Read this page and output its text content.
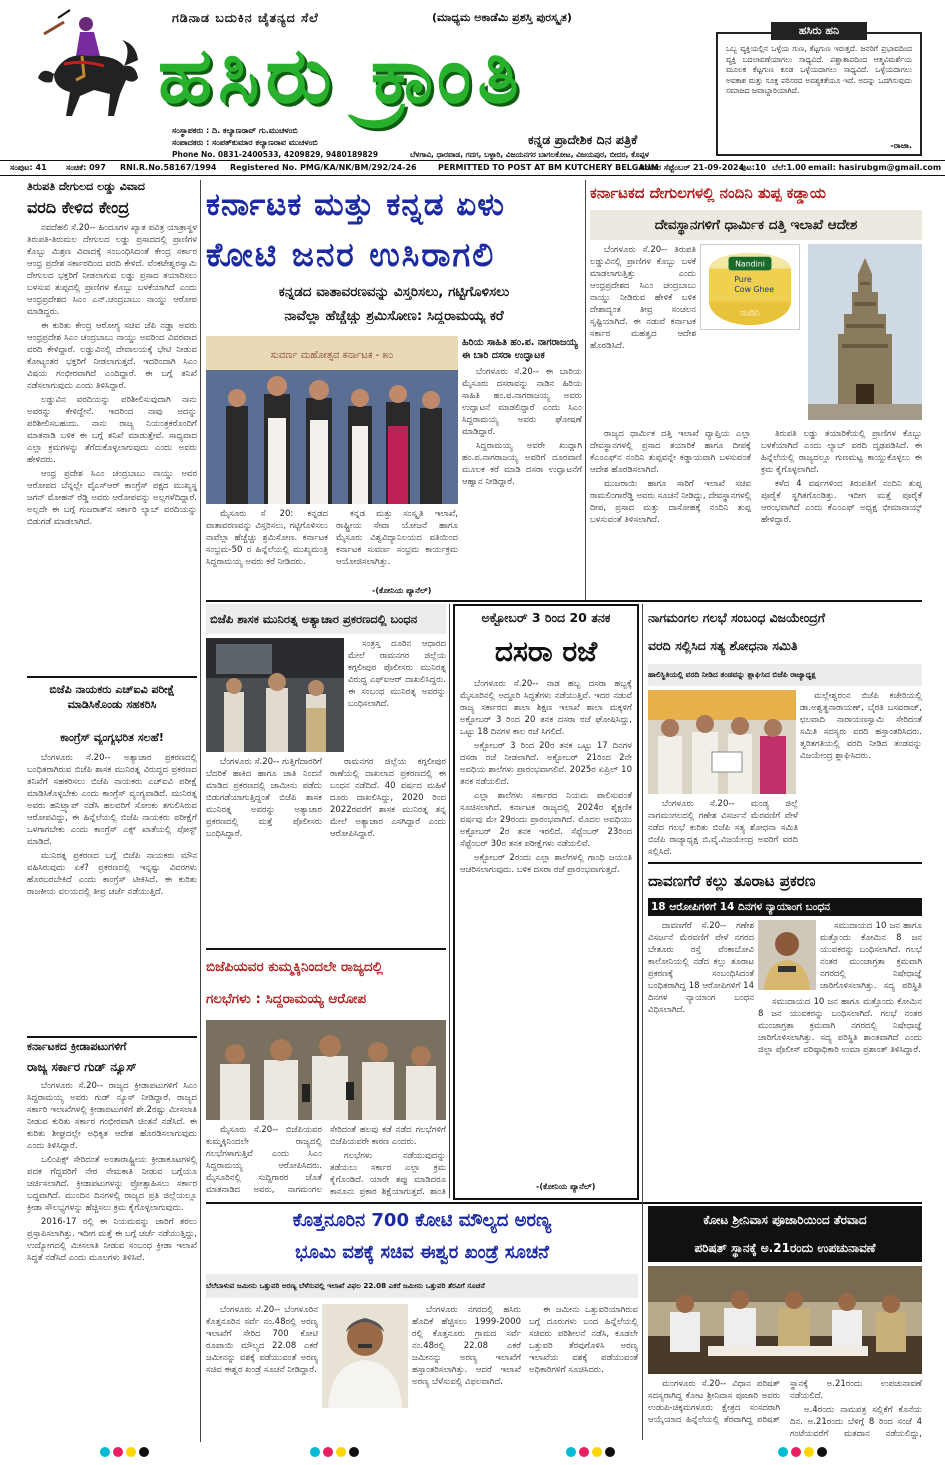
ಗಡಿನಾಡ ಬದುಕಿನ ಚೈತನ್ಯದ ಸೆಲೆ	(ಮಾಧ್ಯಮ ಅಕಾಡೆಮಿ ಪ್ರಶಸ್ತಿ ಪುರಸ್ಕೃತ)
ಹಸಿರು ಕ್ರಾಂತಿ
ಕನ್ನಡ ಪ್ರಾದೇಶಿಕ ದಿನ ಪತ್ರಿಕೆ
ಸಂಸ್ಥಾಪಕರು : ದಿ. ಕಲ್ಯಾಣರಾವ್ ಗು.ಮುಚಳಂಬಿ
ಸಂಪಾದಕರು : ಸಂಪತ್‌ಕುಮಾರ ಕಲ್ಯಾಣರಾವ ಮುಚಳಂಬಿ
Phone No. 0831-2400533, 4209829, 9480189829	ಬೆಳಗಾವಿ, ಧಾರವಾಡ, ಗದಗ, ಬಳ್ಳಾರಿ, ವಿಜಯನಗರ ಬಾಗಲಕೋಟ, ವಿಜಯಪುರ, ಬೀದರ, ಕೊಪ್ಪಳ
ಹಸಿರು ಹನಿ
ಒಬ್ಬ ವ್ಯಕ್ತಿಯಲ್ಲಿನ ಒಳ್ಳೆಯ ಗುಣ, ಕೆಟ್ಟಗುಣ ಇರುತ್ತದೆ. ಜನರಿಗೆ ಪ್ರಭಾವದಿಂದ ವ್ಯಕ್ತಿ ಬದಲಾವಣೆಯಾಗಲು ಸಾಧ್ಯವಿದೆ. ಪಶ್ಚಾತಾಪದಿಂದ ಆತ್ಮವಿಮರ್ಶೆಯ ಮೂಲಕ ಕೆಟ್ಟಗುಣ ಕೂಡ ಒಳ್ಳೆಯದಾಗಲು ಸಾಧ್ಯವಿದೆ. ಒಳ್ಳೆಯದಾಗಲು ಅವಕಾಶ ಮತ್ತು ಸೂಕ್ತ ಪರಿಸರದ ಅವಶ್ಯಕತೆಯೂ ಇದೆ. ಅದನ್ನು ಒದಗಿಸುವುದು ಸಮಾಜದ ಜವಾಬ್ದಾರಿಯಾಗಿದೆ.
-ರಾಜಾ.
ಸಂಪುಟ: 41 ಸಂಚಿಕೆ: 097 RNI.R.No.58167/1994 Registered No. PMG/KA/NK/BM/292/24-26	PERMITTED TO POST AT BM KUTCHERY BELGAUM
ಶನಿವಾರ ಸೆಪ್ಟೆಂಬರ್ 21-09-2024
ಪುಟ:10 ಬೆಲೆ:1.00 email: hasirubgm@gmail.com
ತಿರುಪತಿ ದೇಗುಲದ ಲಡ್ಡು ವಿವಾದ
ವರದಿ ಕೇಳಿದ ಕೇಂದ್ರ

ನವದೆಹಲಿ ಸೆ.20-- ಹಿಂದೂಗಳ ಖ್ಯಾತ ಪವಿತ್ರ ಯಾತ್ರಾಸ್ಥಳ ತಿರುಪತಿ-ತಿರುಮಲ ದೇಗುಲದ ಲಡ್ಡು ಪ್ರಸಾದದಲ್ಲಿ ಪ್ರಾಣಿಗಳ ಕೊಬ್ಬು ಮಿಶ್ರಣ ವಿವಾದಕ್ಕೆ ಸಂಬಂಧಿಸಿದಂತೆ ಕೇಂದ್ರ ಸರ್ಕಾರ ಆಂಧ್ರ ಪ್ರದೇಶ ಸರ್ಕಾರದಿಂದ ವರದಿ ಕೇಳಿದೆ. ವೆಂಕಟೇಶ್ವರಸ್ವಾಮಿ ದೇಗುಲದ ಭಕ್ತರಿಗೆ ನೀಡಲಾಗುವ ಲಡ್ಡು ಪ್ರಸಾದ ತಯಾರಿಸಲು ಬಳಸುವ ತುಪ್ಪದಲ್ಲಿ ಪ್ರಾಣಿಗಳ ಕೊಬ್ಬು ಬಳಕೆಯಾಗಿದೆ ಎಂದು ಆಂಧ್ರಪ್ರದೇಶದ ಸಿಎಂ ಎನ್.ಚಂದ್ರಬಾಬು ನಾಯ್ಡು ಆರೋಪ ಮಾಡಿದ್ದರು.

ಈ ಕುರಿತು ಕೇಂದ್ರ ಆರೋಗ್ಯ ಸಚಿವ ಜೆಪಿ ನಡ್ಡಾ ಅವರು ಆಂಧ್ರಪ್ರದೇಶ ಸಿಎಂ ಚಂದ್ರಬಾಬು ನಾಯ್ಡು ಅವರಿಂದ ವಿವರವಾದ ವರದಿ ಕೇಳಿದ್ದಾರೆ. ಲಡ್ಡುವಿನಲ್ಲಿ ದೇವಾಲಯಕ್ಕೆ ಭೇಟಿ ನೀಡುವ ಕೋಟ್ಯಂತರ ಭಕ್ತರಿಗೆ ನೀಡಲಾಗುತ್ತದೆ. ಇದರಿಂದಾಗಿ ಸಿಎಂ ವಿಷಯ ಗಂಭೀರವಾಗಿದೆ ಎಂದಿದ್ದಾರೆ. ಈ ಬಗ್ಗೆ ತನಿಖೆ ನಡೆಸಲಾಗುವುದು ಎಂದು ತಿಳಿಸಿದ್ದಾರೆ.

ಲಡ್ಡುವಿನ ವರದಿಯನ್ನು ಪರಿಶೀಲಿಸುವುದಾಗಿ ನಾನು ಅವರನ್ನು ಕೇಳಿದ್ದೇನೆ. ಇದರಿಂದ ನಾವು ಅದನ್ನು ಪರಿಶೀಲಿಸಬಹುದು. ನಾನು ರಾಜ್ಯ ನಿಯಂತ್ರಕರೊಂದಿಗೆ ಮಾತನಾಡಿ ಬಳಿಕ ಈ ಬಗ್ಗೆ ತನಿಖೆ ಮಾಡುತ್ತೇವೆ. ಸಾಧ್ಯವಾದ ಎಲ್ಲಾ ಕ್ರಮಗಳನ್ನು ತೆಗೆದುಕೊಳ್ಳಲಾಗುವುದು ಎಂದು ಅವರು ಹೇಳಿದರು.

ಆಂಧ್ರ ಪ್ರದೇಶ ಸಿಎಂ ಚಂದ್ರಬಾಬು ನಾಯ್ಡು ಅವರ ಆರೋಪದ ಬೆನ್ನಲ್ಲೇ ವೈಎಸ್‌ಆರ್ ಕಾಂಗ್ರೆಸ್ ಪಕ್ಷದ ಮುಖ್ಯಸ್ಥ ಜಗನ್ ಮೋಹನ್ ರೆಡ್ಡಿ ಅವರು ಆರೋಪವನ್ನು ಅಲ್ಲಗಳೆದಿದ್ದಾರೆ. ಅಲ್ಲದೇ ಈ ಬಗ್ಗೆ ಗುಜರಾತ್‌ನ ಸರ್ಕಾರಿ ಲ್ಯಾಬ್ ವರದಿಯನ್ನು ಬಿಡುಗಡೆ ಮಾಡಲಾಗಿದೆ.

ಬಿಜೆಪಿ ನಾಯಕರು ಎಚ್‌ಐವಿ ಪರೀಕ್ಷೆ ಮಾಡಿಸಿಕೊಂಡು ಸಹಕರಿಸಿ
ಕಾಂಗ್ರೆಸ್ ವ್ಯಂಗ್ಯಭರಿತ ಸಲಹೆ!

ಬೆಂಗಳೂರು ಸೆ.20-- ಅತ್ಯಾಚಾರ ಪ್ರಕರಣದಲ್ಲಿ ಬಂಧಿತರಾಗಿರುವ ಬಿಜೆಪಿ ಶಾಸಕ ಮುನಿರತ್ನ ವಿರುದ್ಧದ ಪ್ರಕರಣದ ತನಿಖೆಗೆ ಸಹಕರಿಸಲು ಬಿಜೆಪಿ ನಾಯಕರು ಎಚ್‌ಐವಿ ಪರೀಕ್ಷೆ ಮಾಡಿಸಿಕೊಳ್ಳಬೇಕು ಎಂದು ಕಾಂಗ್ರೆಸ್ ವ್ಯಂಗ್ಯವಾಡಿದೆ. ಮುನಿರತ್ನ ಅವರು ಹನಿಟ್ರ್ಯಾಪ್ ನಡೆಸಿ ಹಲವರಿಗೆ ಸೋಂಕು ತಗುಲಿಸಿರುವ ಆರೋಪವಿದ್ದು, ಈ ಹಿನ್ನೆಲೆಯಲ್ಲಿ ಬಿಜೆಪಿ ನಾಯಕರು ಪರೀಕ್ಷೆಗೆ ಒಳಗಾಗಬೇಕು ಎಂದು ಕಾಂಗ್ರೆಸ್ ಎಕ್ಸ್ ಖಾತೆಯಲ್ಲಿ ಪೋಸ್ಟ್ ಮಾಡಿದೆ.

ಮುನಿರತ್ನ ಪ್ರಕರಣದ ಬಗ್ಗೆ ಬಿಜೆಪಿ ನಾಯಕರು ಮೌನ ವಹಿಸಿರುವುದು ಏಕೆ? ಪ್ರಕರಣದಲ್ಲಿ ಇನ್ನಷ್ಟು ವಿವರಗಳು ಹೊರಬರಬೇಕಿದೆ ಎಂದು ಕಾಂಗ್ರೆಸ್ ಟೀಕಿಸಿದೆ. ಈ ಕುರಿತು ರಾಜಕೀಯ ವಲಯದಲ್ಲಿ ತೀವ್ರ ಚರ್ಚೆ ನಡೆಯುತ್ತಿದೆ.

ಕರ್ನಾಟಕದ ಕ್ರೀಡಾಪಟುಗಳಿಗೆ
ರಾಜ್ಯ ಸರ್ಕಾರ ಗುಡ್ ನ್ಯೂಸ್

ಬೆಂಗಳೂರು ಸೆ.20-- ರಾಜ್ಯದ ಕ್ರೀಡಾಪಟುಗಳಿಗೆ ಸಿಎಂ ಸಿದ್ದರಾಮಯ್ಯ ಅವರು ಗುಡ್ ನ್ಯೂಸ್ ನೀಡಿದ್ದಾರೆ. ರಾಜ್ಯದ ಸರ್ಕಾರಿ ಇಲಾಖೆಗಳಲ್ಲಿ ಕ್ರೀಡಾಪಟುಗಳಿಗೆ ಶೇ.2ರಷ್ಟು ಮೀಸಲಾತಿ ನೀಡುವ ಕುರಿತು ಸರ್ಕಾರ ಗಂಭೀರವಾಗಿ ಚಿಂತನೆ ನಡೆಸಿದೆ. ಈ ಕುರಿತು ಶೀಘ್ರದಲ್ಲೇ ಅಧಿಕೃತ ಆದೇಶ ಹೊರಡಿಸಲಾಗುವುದು ಎಂದು ತಿಳಿಸಿದ್ದಾರೆ.

ಒಲಿಂಪಿಕ್ಸ್ ಸೇರಿದಂತೆ ಅಂತಾರಾಷ್ಟ್ರೀಯ ಕ್ರೀಡಾಕೂಟಗಳಲ್ಲಿ ಪದಕ ಗೆದ್ದವರಿಗೆ ನೇರ ನೇಮಕಾತಿ ನೀಡುವ ಬಗ್ಗೆಯೂ ಚರ್ಚಿಸಲಾಗಿದೆ. ಕ್ರೀಡಾಪಟುಗಳನ್ನು ಪ್ರೋತ್ಸಾಹಿಸಲು ಸರ್ಕಾರ ಬದ್ಧವಾಗಿದೆ. ಮುಂದಿನ ದಿನಗಳಲ್ಲಿ ರಾಜ್ಯದ ಪ್ರತಿ ಜಿಲ್ಲೆಯಲ್ಲೂ ಕ್ರೀಡಾ ಸೌಲಭ್ಯಗಳನ್ನು ಹೆಚ್ಚಿಸಲು ಕ್ರಮ ಕೈಗೊಳ್ಳಲಾಗುವುದು.

2016-17 ರಲ್ಲಿ ಈ ನಿಯಮವನ್ನು ಜಾರಿಗೆ ತರಲು ಪ್ರಸ್ತಾಪಿಸಲಾಗಿತ್ತು. ಇದೀಗ ಮತ್ತೆ ಈ ಬಗ್ಗೆ ಚರ್ಚೆ ನಡೆಯುತ್ತಿದ್ದು, ಉದ್ಯೋಗದಲ್ಲಿ ಮೀಸಲಾತಿ ನೀಡುವ ಸಂಬಂಧ ಕ್ರೀಡಾ ಇಲಾಖೆ ಸಿದ್ಧತೆ ನಡೆಸಿದೆ ಎಂದು ಮೂಲಗಳು ತಿಳಿಸಿವೆ.

ಕರ್ನಾಟಕ ಮತ್ತು ಕನ್ನಡ ಏಳು
ಕೋಟಿ ಜನರ ಉಸಿರಾಗಲಿ
ಕನ್ನಡದ ವಾತಾವರಣವನ್ನು ವಿಸ್ತರಿಸಲು, ಗಟ್ಟಿಗೊಳಿಸಲು
ನಾವೆಲ್ಲಾ ಹೆಚ್ಚೆಚ್ಚು ಶ್ರಮಿಸೋಣ: ಸಿದ್ದರಾಮಯ್ಯ ಕರೆ
ಸುವರ್ಣ ಮಹೋತ್ಸವ ಕರ್ನಾಟಕ - ೫೦
ಹಿರಿಯ ಸಾಹಿತಿ ಹಂ.ಪ. ನಾಗರಾಜಯ್ಯ ಈ ಬಾರಿ ದಸರಾ ಉದ್ಘಾಟಕ

ಬೆಂಗಳೂರು ಸೆ.20-- ಈ ಬಾರಿಯ ಮೈಸೂರು ದಸರಾವನ್ನು ನಾಡಿನ ಹಿರಿಯ ಸಾಹಿತಿ ಹಂ.ಪ.ನಾಗರಾಜಯ್ಯ ಅವರು ಉದ್ಘಾಟನೆ ಮಾಡಲಿದ್ದಾರೆ ಎಂದು ಸಿಎಂ ಸಿದ್ದರಾಮಯ್ಯ ಅವರು ಘೋಷಣೆ ಮಾಡಿದ್ದಾರೆ.

ಸಿದ್ದರಾಮಯ್ಯ ಅವರೇ ಖುದ್ದಾಗಿ ಹಂ.ಪ.ನಾಗರಾಜಯ್ಯ ಅವರಿಗೆ ದೂರವಾಣಿ ಮೂಲಕ ಕರೆ ಮಾಡಿ ದಸರಾ ಉದ್ಘಾಟನೆಗೆ ಆಹ್ವಾನ ನೀಡಿದ್ದಾರೆ.

ಮೈಸೂರು ಸೆ 20: ಕನ್ನಡದ ವಾತಾವರಣವನ್ನು ವಿಸ್ತರಿಸಲು, ಗಟ್ಟಿಗೊಳಿಸಲು ನಾವೆಲ್ಲಾ ಹೆಚ್ಚೆಚ್ಚು ಶ್ರಮಿಸೋಣ. ಕರ್ನಾಟಕ ಸಂಭ್ರಮ-50 ರ ಹಿನ್ನೆಲೆಯಲ್ಲಿ ಮುಖ್ಯಮಂತ್ರಿ ಸಿದ್ದರಾಮಯ್ಯ ಅವರು ಕರೆ ನೀಡಿದರು.

ಕನ್ನಡ ಮತ್ತು ಸಂಸ್ಕೃತಿ ಇಲಾಖೆ, ರಾಷ್ಟ್ರೀಯ ಸೇವಾ ಯೋಜನೆ ಹಾಗೂ ಮೈಸೂರು ವಿಶ್ವವಿದ್ಯಾನಿಲಯದ ವತಿಯಿಂದ ಕರ್ನಾಟಕ ಸುವರ್ಣ ಸಂಭ್ರಮ ಕಾರ್ಯಕ್ರಮ ಆಯೋಜಿಸಲಾಗಿತ್ತು.

-(ಕೋನಿಯ ಪ್ಯಾನೆಲ್)
ಕರ್ನಾಟಕದ ದೇಗುಲಗಳಲ್ಲಿ ನಂದಿನಿ ತುಪ್ಪ ಕಡ್ಡಾಯ
ದೇವಸ್ಥಾನಗಳಿಗೆ ಧಾರ್ಮಿಕ ದತ್ತಿ ಇಲಾಖೆ ಆದೇಶ
Nandini
Pure
Cow Ghee
ನಂದಿನಿ

ಬೆಂಗಳೂರು ಸೆ.20-- ತಿರುಪತಿ ಲಡ್ಡುವಿನಲ್ಲಿ ಪ್ರಾಣಿಗಳ ಕೊಬ್ಬು ಬಳಕೆ ಮಾಡಲಾಗುತ್ತಿತ್ತು ಎಂದು ಆಂಧ್ರಪ್ರದೇಶದ ಸಿಎಂ ಚಂದ್ರಬಾಬು ನಾಯ್ಡು ನೀಡಿರುವ ಹೇಳಿಕೆ ಬಳಿಕ ದೇಶಾದ್ಯಂತ ತೀವ್ರ ಸಂಚಲನ ಸೃಷ್ಟಿಯಾಗಿದೆ. ಈ ನಡುವೆ ಕರ್ನಾಟಕ ಸರ್ಕಾರ ಮಹತ್ವದ ಆದೇಶ ಹೊರಡಿಸಿದೆ.

ರಾಜ್ಯದ ಧಾರ್ಮಿಕ ದತ್ತಿ ಇಲಾಖೆ ವ್ಯಾಪ್ತಿಯ ಎಲ್ಲಾ ದೇವಸ್ಥಾನಗಳಲ್ಲಿ ಪ್ರಸಾದ ತಯಾರಿಕೆ ಹಾಗೂ ದೀಪಕ್ಕೆ ಕೆಎಂಎಫ್‌ನ ನಂದಿನಿ ತುಪ್ಪವನ್ನೇ ಕಡ್ಡಾಯವಾಗಿ ಬಳಸುವಂತೆ ಆದೇಶ ಹೊರಡಿಸಲಾಗಿದೆ.

ಮುಜರಾಯಿ ಹಾಗೂ ಸಾರಿಗೆ ಇಲಾಖೆ ಸಚಿವ ರಾಮಲಿಂಗಾರೆಡ್ಡಿ ಅವರು ಸೂಚನೆ ನೀಡಿದ್ದು, ದೇವಸ್ಥಾನಗಳಲ್ಲಿ ದೀಪ, ಪ್ರಸಾದ ಮತ್ತು ದಾಸೋಹಕ್ಕೆ ನಂದಿನಿ ತುಪ್ಪ ಬಳಸುವಂತೆ ತಿಳಿಸಲಾಗಿದೆ.

ತಿರುಪತಿ ಲಡ್ಡು ತಯಾರಿಕೆಯಲ್ಲಿ ಪ್ರಾಣಿಗಳ ಕೊಬ್ಬು ಬಳಕೆಯಾಗಿದೆ ಎಂದು ಲ್ಯಾಬ್ ವರದಿ ದೃಢಪಡಿಸಿದೆ. ಈ ಹಿನ್ನೆಲೆಯಲ್ಲಿ ರಾಜ್ಯದಲ್ಲೂ ಗುಣಮಟ್ಟ ಕಾಯ್ದುಕೊಳ್ಳಲು ಈ ಕ್ರಮ ಕೈಗೊಳ್ಳಲಾಗಿದೆ.

ಕಳೆದ 4 ವರ್ಷಗಳಿಂದ ತಿರುಪತಿಗೆ ನಂದಿನಿ ತುಪ್ಪ ಪೂರೈಕೆ ಸ್ಥಗಿತಗೊಂಡಿತ್ತು. ಇದೀಗ ಮತ್ತೆ ಪೂರೈಕೆ ಆರಂಭವಾಗಿದೆ ಎಂದು ಕೆಎಂಎಫ್ ಅಧ್ಯಕ್ಷ ಭೀಮಾನಾಯ್ಕ್ ಹೇಳಿದ್ದಾರೆ.

ಬಿಜೆಪಿ ಶಾಸಕ ಮುನಿರತ್ನ ಅತ್ಯಾಚಾರ ಪ್ರಕರಣದಲ್ಲಿ ಬಂಧನ

ಬೆಂಗಳೂರು ಸೆ.20-- ಗುತ್ತಿಗೆದಾರರಿಗೆ ಬೆದರಿಕೆ ಹಾಕಿದ ಹಾಗೂ ಜಾತಿ ನಿಂದನೆ ಮಾಡಿದ ಪ್ರಕರಣದಲ್ಲಿ ಜಾಮೀನು ಪಡೆದು ಬಿಡುಗಡೆಯಾಗುತ್ತಿದ್ದಂತೆ ಬಿಜೆಪಿ ಶಾಸಕ ಮುನಿರತ್ನ ಅವರನ್ನು ಅತ್ಯಾಚಾರ ಪ್ರಕರಣದಲ್ಲಿ ಮತ್ತೆ ಪೊಲೀಸರು ಬಂಧಿಸಿದ್ದಾರೆ.

ರಾಮನಗರ ಜಿಲ್ಲೆಯ ಕಗ್ಗಲೀಪುರ ಠಾಣೆಯಲ್ಲಿ ದಾಖಲಾದ ಪ್ರಕರಣದಲ್ಲಿ ಈ ಬಂಧನ ನಡೆದಿದೆ. 40 ವರ್ಷದ ಮಹಿಳೆ ದೂರು ದಾಖಲಿಸಿದ್ದು, 2020 ರಿಂದ 2022ರವರೆಗೆ ಶಾಸಕ ಮುನಿರತ್ನ ತನ್ನ ಮೇಲೆ ಅತ್ಯಾಚಾರ ಎಸಗಿದ್ದಾರೆ ಎಂದು ಆರೋಪಿಸಿದ್ದಾರೆ.

ಸಂತ್ರಸ್ತ ದೂರಿನ ಆಧಾರದ ಮೇಲೆ ರಾಮನಗರ ಜಿಲ್ಲೆಯ ಕಗ್ಗಲೀಪುರ ಪೊಲೀಸರು ಮುನಿರತ್ನ ವಿರುದ್ಧ ಎಫ್‌ಐಆರ್ ದಾಖಲಿಸಿದ್ದರು. ಈ ಸಂಬಂಧ ಮುನಿರತ್ನ ಅವರನ್ನು ಬಂಧಿಸಲಾಗಿದೆ.

ಬಿಜೆಪಿಯವರ ಕುಮ್ಮಕ್ಕಿನಿಂದಲೇ ರಾಜ್ಯದಲ್ಲಿ
ಗಲಭೆಗಳು : ಸಿದ್ದರಾಮಯ್ಯ ಆರೋಪ

ಮೈಸೂರು ಸೆ.20-- ಬಿಜೆಪಿಯವರ ಕುಮ್ಮಕ್ಕಿನಿಂದಲೇ ರಾಜ್ಯದಲ್ಲಿ ಗಲಭೆಗಳಾಗುತ್ತಿವೆ ಎಂದು ಸಿಎಂ ಸಿದ್ದರಾಮಯ್ಯ ಆರೋಪಿಸಿದರು. ಮೈಸೂರಿನಲ್ಲಿ ಸುದ್ದಿಗಾರರ ಜೊತೆ ಮಾತನಾಡಿದ ಅವರು, ನಾಗಮಂಗಲ ಸೇರಿದಂತೆ ಹಲವು ಕಡೆ ನಡೆದ ಗಲಭೆಗಳಿಗೆ ಬಿಜೆಪಿಯವರೇ ಕಾರಣ ಎಂದರು.

ಗಲಭೆಗಳು ನಡೆಯುವುದನ್ನು ತಡೆಯಲು ಸರ್ಕಾರ ಎಲ್ಲಾ ಕ್ರಮ ಕೈಗೊಂಡಿದೆ. ಯಾರೇ ತಪ್ಪು ಮಾಡಿದರೂ ಕಾನೂನು ಪ್ರಕಾರ ಶಿಕ್ಷೆಯಾಗುತ್ತದೆ. ಶಾಂತಿ

ಅಕ್ಟೋಬರ್ 3 ರಿಂದ 20 ತನಕ
ದಸರಾ ರಜೆ

ಬೆಂಗಳೂರು ಸೆ.20-- ನಾಡ ಹಬ್ಬ ದಸರಾ ಹಬ್ಬಕ್ಕೆ ಮೈಸೂರಿನಲ್ಲಿ ಅದ್ದೂರಿ ಸಿದ್ಧತೆಗಳು ನಡೆಯುತ್ತಿವೆ. ಇದರ ನಡುವೆ ರಾಜ್ಯ ಸರ್ಕಾರದ ಶಾಲಾ ಶಿಕ್ಷಣ ಇಲಾಖೆ ಶಾಲಾ ಮಕ್ಕಳಿಗೆ ಅಕ್ಟೋಬರ್ 3 ರಿಂದ 20 ತನಕ ದಸರಾ ರಜೆ ಘೋಷಿಸಿದ್ದು, ಒಟ್ಟು 18 ದಿನಗಳ ಕಾಲ ರಜೆ ಸಿಗಲಿದೆ.

ಅಕ್ಟೋಬರ್ 3 ರಿಂದ 20ರ ತನಕ ಒಟ್ಟು 17 ದಿನಗಳ ದಸರಾ ರಜೆ ನೀಡಲಾಗಿದೆ. ಅಕ್ಟೋಬರ್ 21ರಿಂದ 2ನೇ ಅವಧಿಯ ಶಾಲೆಗಳು ಪ್ರಾರಂಭವಾಗಲಿವೆ. 2025ರ ಏಪ್ರಿಲ್ 10 ತನಕ ನಡೆಯಲಿದೆ.

ಎಲ್ಲಾ ಶಾಲೆಗಳು ಸರ್ಕಾರದ ನಿಯಮ ಪಾಲಿಸುವಂತೆ ಸೂಚಿಸಲಾಗಿದೆ. ಕರ್ನಾಟಕ ರಾಜ್ಯದಲ್ಲಿ 2024ರ ಶೈಕ್ಷಣಿಕ ವರ್ಷವು ಮೇ 29ರಂದು ಪ್ರಾರಂಭವಾಗಿದೆ. ಮೊದಲ ಅವಧಿಯು ಅಕ್ಟೋಬರ್ 2ರ ತನಕ ಇರಲಿದೆ. ಸೆಪ್ಟೆಂಬರ್ 23ರಿಂದ ಸೆಪ್ಟೆಂಬರ್ 30ರ ತನಕ ಪರೀಕ್ಷೆಗಳು ನಡೆಯಲಿವೆ.

ಅಕ್ಟೋಬರ್ 2ರಂದು ಎಲ್ಲಾ ಶಾಲೆಗಳಲ್ಲಿ ಗಾಂಧಿ ಜಯಂತಿ ಆಚರಿಸಲಾಗುವುದು. ಬಳಿಕ ದಸರಾ ರಜೆ ಪ್ರಾರಂಭವಾಗುತ್ತದೆ.

-(ಕೋನಿಯ ಪ್ಯಾನೆಲ್)
ನಾಗಮಂಗಲ ಗಲಭೆ ಸಂಬಂಧ ವಿಜಯೇಂದ್ರಗೆ
ವರದಿ ಸಲ್ಲಿಸಿದ ಸತ್ಯ ಶೋಧನಾ ಸಮಿತಿ
ಹಾಲಿಸ್ಥಿತಿಯಲ್ಲಿ ವರದಿ ನೀಡಿದ ತಂಡವನ್ನು ಶ್ಲಾಘಿಸಿದ ಬಿಜೆಪಿ ರಾಜ್ಯಾಧ್ಯಕ್ಷ

ಮಲ್ಲೇಶ್ವರಂನ ಬಿಜೆಪಿ ಕಚೇರಿಯಲ್ಲಿ ಡಾ.ಅಶ್ವತ್ಥನಾರಾಯಣ್, ಬೈರತಿ ಬಸವರಾಜ್, ಛಲವಾದಿ ನಾರಾಯಣಸ್ವಾಮಿ ಸೇರಿದಂತೆ ಸಮಿತಿ ಸದಸ್ಯರು ವರದಿ ಹಸ್ತಾಂತರಿಸಿದರು. ತ್ವರಿತಗತಿಯಲ್ಲಿ ವರದಿ ನೀಡಿದ ತಂಡವನ್ನು ವಿಜಯೇಂದ್ರ ಶ್ಲಾಘಿಸಿದರು.

ಬೆಂಗಳೂರು ಸೆ.20-- ಮಂಡ್ಯ ಜಿಲ್ಲೆ ನಾಗಮಂಗಲದಲ್ಲಿ ಗಣೇಶ ವಿಸರ್ಜನೆ ಮೆರವಣಿಗೆ ವೇಳೆ ನಡೆದ ಗಲಭೆ ಕುರಿತು ಬಿಜೆಪಿ ಸತ್ಯ ಶೋಧನಾ ಸಮಿತಿ ಬಿಜೆಪಿ ರಾಜ್ಯಾಧ್ಯಕ್ಷ ಬಿ.ವೈ.ವಿಜಯೇಂದ್ರ ಅವರಿಗೆ ವರದಿ ಸಲ್ಲಿಸಿದೆ.

ದಾವಣಗೆರೆ ಕಲ್ಲು ತೂರಾಟ ಪ್ರಕರಣ
18 ಆರೋಪಿಗಳಿಗೆ 14 ದಿನಗಳ ನ್ಯಾಯಾಂಗ ಬಂಧನ

ದಾವಣಗೆರೆ ಸೆ.20-- ಗಣೇಶ ವಿಸರ್ಜನೆ ಮೆರವಣಿಗೆ ವೇಳೆ ನಗರದ ಬೇತೂರು ರಸ್ತೆ ವೆಂಕಾಬೋವಿ ಕಾಲೋನಿಯಲ್ಲಿ ನಡೆದ ಕಲ್ಲು ತೂರಾಟ ಪ್ರಕರಣಕ್ಕೆ ಸಂಬಂಧಿಸಿದಂತೆ ಬಂಧಿತರಾಗಿದ್ದ 18 ಆರೋಪಿಗಳಿಗೆ 14 ದಿನಗಳ ನ್ಯಾಯಾಂಗ ಬಂಧನ ವಿಧಿಸಲಾಗಿದೆ.

ಸಮುದಾಯದ 10 ಜನ ಹಾಗೂ ಮತ್ತೊಂದು ಕೋಮಿನ 8 ಜನ ಯುವಕರನ್ನು ಬಂಧಿಸಲಾಗಿದೆ. ಗಲಭೆ ನಂತರ ಮುಂಜಾಗ್ರತಾ ಕ್ರಮವಾಗಿ ನಗರದಲ್ಲಿ ನಿಷೇಧಾಜ್ಞೆ ಜಾರಿಗೊಳಿಸಲಾಗಿತ್ತು. ಸದ್ಯ ಪರಿಸ್ಥಿತಿ

ಸಮುದಾಯದ 10 ಜನ ಹಾಗೂ ಮತ್ತೊಂದು ಕೋಮಿನ 8 ಜನ ಯುವಕರನ್ನು ಬಂಧಿಸಲಾಗಿದೆ. ಗಲಭೆ ನಂತರ ಮುಂಜಾಗ್ರತಾ ಕ್ರಮವಾಗಿ ನಗರದಲ್ಲಿ ನಿಷೇಧಾಜ್ಞೆ ಜಾರಿಗೊಳಿಸಲಾಗಿತ್ತು. ಸದ್ಯ ಪರಿಸ್ಥಿತಿ ಶಾಂತವಾಗಿದೆ ಎಂದು ಜಿಲ್ಲಾ ಪೊಲೀಸ್ ವರಿಷ್ಠಾಧಿಕಾರಿ ಉಮಾ ಪ್ರಶಾಂತ್ ತಿಳಿಸಿದ್ದಾರೆ.

ಕೊತ್ತನೂರಿನ 700 ಕೋಟಿ ಮೌಲ್ಯದ ಅರಣ್ಯ
ಭೂಮಿ ವಶಕ್ಕೆ ಸಚಿವ ಈಶ್ವರ ಖಂಡ್ರೆ ಸೂಚನೆ
ಬೆಲೆಬಾಳುವ ಜಮೀನು ಒತ್ತುವರಿ ಅರಣ್ಯ ಬೆಳೆಸುವಲ್ಲಿ ಇಲಾಖೆ ವಿಫಲ 22.08 ಎಕರೆ ಜಮೀನು ಒತ್ತುವರಿ ತೆರವಿಗೆ ಸೂಚನೆ

ಬೆಂಗಳೂರು ಸೆ.20-- ಬೆಂಗಳೂರಿನ ಕೊತ್ತನೂರಿನ ಸರ್ವೆ ನಂ.48ರಲ್ಲಿ ಅರಣ್ಯ ಇಲಾಖೆಗೆ ಸೇರಿದ 700 ಕೋಟಿ ರೂಪಾಯಿ ಮೌಲ್ಯದ 22.08 ಎಕರೆ ಜಮೀನನ್ನು ವಶಕ್ಕೆ ಪಡೆಯುವಂತೆ ಅರಣ್ಯ ಸಚಿವ ಈಶ್ವರ ಖಂಡ್ರೆ ಸೂಚನೆ ನೀಡಿದ್ದಾರೆ.

ಬೆಂಗಳೂರು ನಗರದಲ್ಲಿ ಹಸಿರು ಹೊದಿಕೆ ಹೆಚ್ಚಿಸಲು 1999-2000 ರಲ್ಲಿ ಕೊತ್ತನೂರು ಗ್ರಾಮದ ಸರ್ವೆ ನಂ.48ರಲ್ಲಿ 22.08 ಎಕರೆ ಜಮೀನನ್ನು ಅರಣ್ಯ ಇಲಾಖೆಗೆ ಹಸ್ತಾಂತರಿಸಲಾಗಿತ್ತು. ಆದರೆ ಇಲಾಖೆ ಅರಣ್ಯ ಬೆಳೆಸುವಲ್ಲಿ ವಿಫಲವಾಗಿದೆ.

ಈ ಜಮೀನು ಒತ್ತುವರಿಯಾಗಿರುವ ಬಗ್ಗೆ ದೂರುಗಳು ಬಂದ ಹಿನ್ನೆಲೆಯಲ್ಲಿ ಸಚಿವರು ಪರಿಶೀಲನೆ ನಡೆಸಿ, ಕೂಡಲೇ ಒತ್ತುವರಿ ತೆರವುಗೊಳಿಸಿ ಅರಣ್ಯ ಇಲಾಖೆಯ ವಶಕ್ಕೆ ಪಡೆಯುವಂತೆ ಅಧಿಕಾರಿಗಳಿಗೆ ಸೂಚಿಸಿದರು.

ಕೋಟ ಶ್ರೀನಿವಾಸ ಪೂಜಾರಿಯಿಂದ ತೆರವಾದ
ಪರಿಷತ್ ಸ್ಥಾನಕ್ಕೆ ಅ.21ರಂದು ಉಪಚುನಾವಣೆ

ಮಂಗಳೂರು ಸೆ.20-- ವಿಧಾನ ಪರಿಷತ್ ಸದಸ್ಯರಾಗಿದ್ದ ಕೋಟ ಶ್ರೀನಿವಾಸ ಪೂಜಾರಿ ಅವರು ಉಡುಪಿ-ಚಿಕ್ಕಮಗಳೂರು ಕ್ಷೇತ್ರದ ಸಂಸದರಾಗಿ ಆಯ್ಕೆಯಾದ ಹಿನ್ನೆಲೆಯಲ್ಲಿ ತೆರವಾಗಿದ್ದ ಪರಿಷತ್ ಸ್ಥಾನಕ್ಕೆ ಅ.21ರಂದು ಉಪಚುನಾವಣೆ ನಡೆಯಲಿದೆ.

ಅ.4ರಂದು ನಾಮಪತ್ರ ಸಲ್ಲಿಕೆಗೆ ಕೊನೆಯ ದಿನ. ಅ.21ರಂದು ಬೆಳಿಗ್ಗೆ 8 ರಿಂದ ಸಂಜೆ 4 ಗಂಟೆಯವರೆಗೆ ಮತದಾನ ನಡೆಯಲಿದ್ದು,
